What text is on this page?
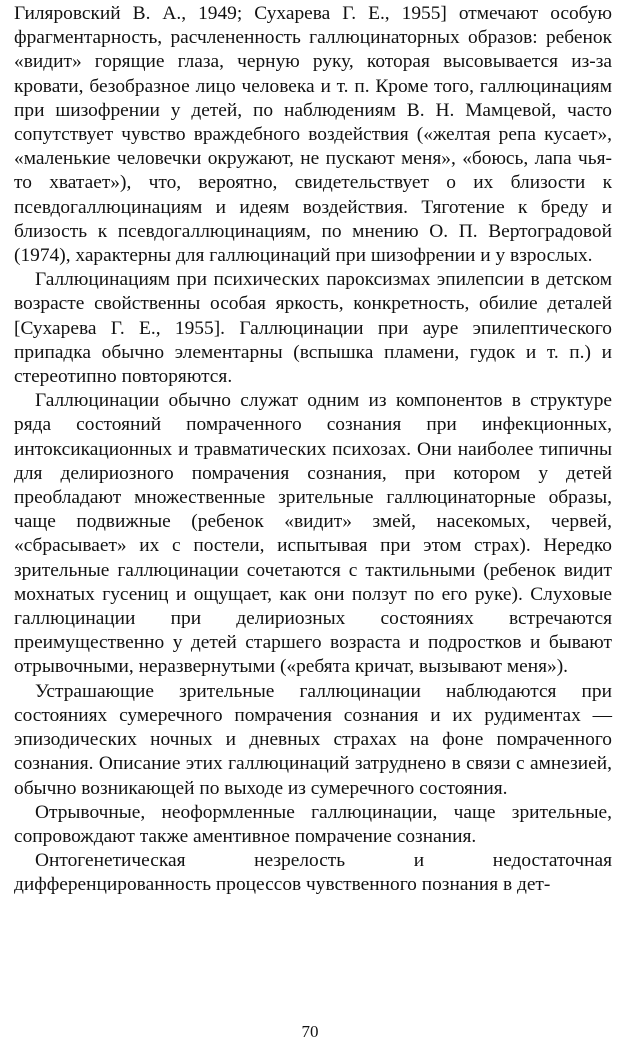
Гиляровский В. А., 1949; Сухарева Г. Е., 1955] отмечают особую фрагментарность, расчлененность галлюцинаторных образов: ребенок «видит» горящие глаза, черную руку, которая высовывается из-за кровати, безобразное лицо человека и т. п. Кроме того, галлюцинациям при шизофрении у детей, по наблюдениям В. Н. Мамцевой, часто сопутствует чувство враждебного воздействия («желтая репа кусает», «маленькие человечки окружают, не пускают меня», «боюсь, лапа чья-то хватает»), что, вероятно, свидетельствует о их близости к псевдогаллюцинациям и идеям воздействия. Тяготение к бреду и близость к псевдогаллюцинациям, по мнению О. П. Вертоградовой (1974), характерны для галлюцинаций при шизофрении и у взрослых.

Галлюцинациям при психических пароксизмах эпилепсии в детском возрасте свойственны особая яркость, конкретность, обилие деталей [Сухарева Г. Е., 1955]. Галлюцинации при ауре эпилептического припадка обычно элементарны (вспышка пламени, гудок и т. п.) и стереотипно повторяются.

Галлюцинации обычно служат одним из компонентов в структуре ряда состояний помраченного сознания при инфекционных, интоксикационных и травматических психозах. Они наиболее типичны для делириозного помрачения сознания, при котором у детей преобладают множественные зрительные галлюцинаторные образы, чаще подвижные (ребенок «видит» змей, насекомых, червей, «сбрасывает» их с постели, испытывая при этом страх). Нередко зрительные галлюцинации сочетаются с тактильными (ребенок видит мохнатых гусениц и ощущает, как они ползут по его руке). Слуховые галлюцинации при делириозных состояниях встречаются преимущественно у детей старшего возраста и подростков и бывают отрывочными, неразвернутыми («ребята кричат, вызывают меня»).

Устрашающие зрительные галлюцинации наблюдаются при состояниях сумеречного помрачения сознания и их рудиментах — эпизодических ночных и дневных страхах на фоне помраченного сознания. Описание этих галлюцинаций затруднено в связи с амнезией, обычно возникающей по выходе из сумеречного состояния.

Отрывочные, неоформленные галлюцинации, чаще зрительные, сопровождают также аментивное помрачение сознания.

Онтогенетическая незрелость и недостаточная дифференцированность процессов чувственного познания в дет-

70
